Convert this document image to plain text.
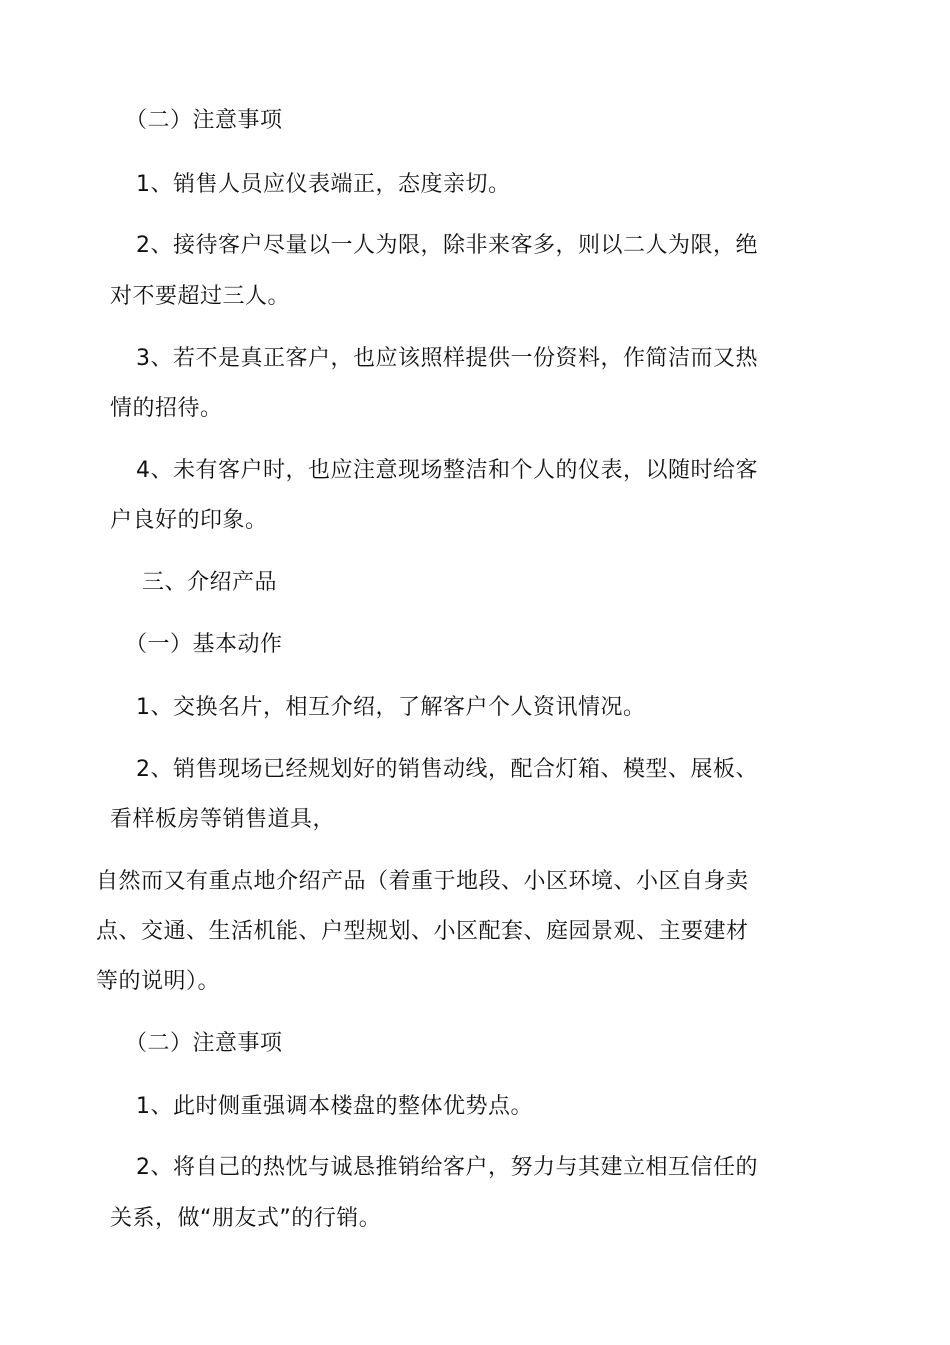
（二）注意事项
1、销售人员应仪表端正，态度亲切。
2、接待客户尽量以一人为限，除非来客多，则以二人为限，绝
对不要超过三人。
3、若不是真正客户，也应该照样提供一份资料，作简洁而又热
情的招待。
4、未有客户时，也应注意现场整洁和个人的仪表，以随时给客
户良好的印象。
三、介绍产品
（一）基本动作
1、交换名片，相互介绍，了解客户个人资讯情况。
2、销售现场已经规划好的销售动线，配合灯箱、模型、展板、
看样板房等销售道具，
自然而又有重点地介绍产品（着重于地段、小区环境、小区自身卖
点、交通、生活机能、户型规划、小区配套、庭园景观、主要建材
等的说明）。
（二）注意事项
1、此时侧重强调本楼盘的整体优势点。
2、将自己的热忱与诚恳推销给客户，努力与其建立相互信任的
关系，做“朋友式”的行销。
